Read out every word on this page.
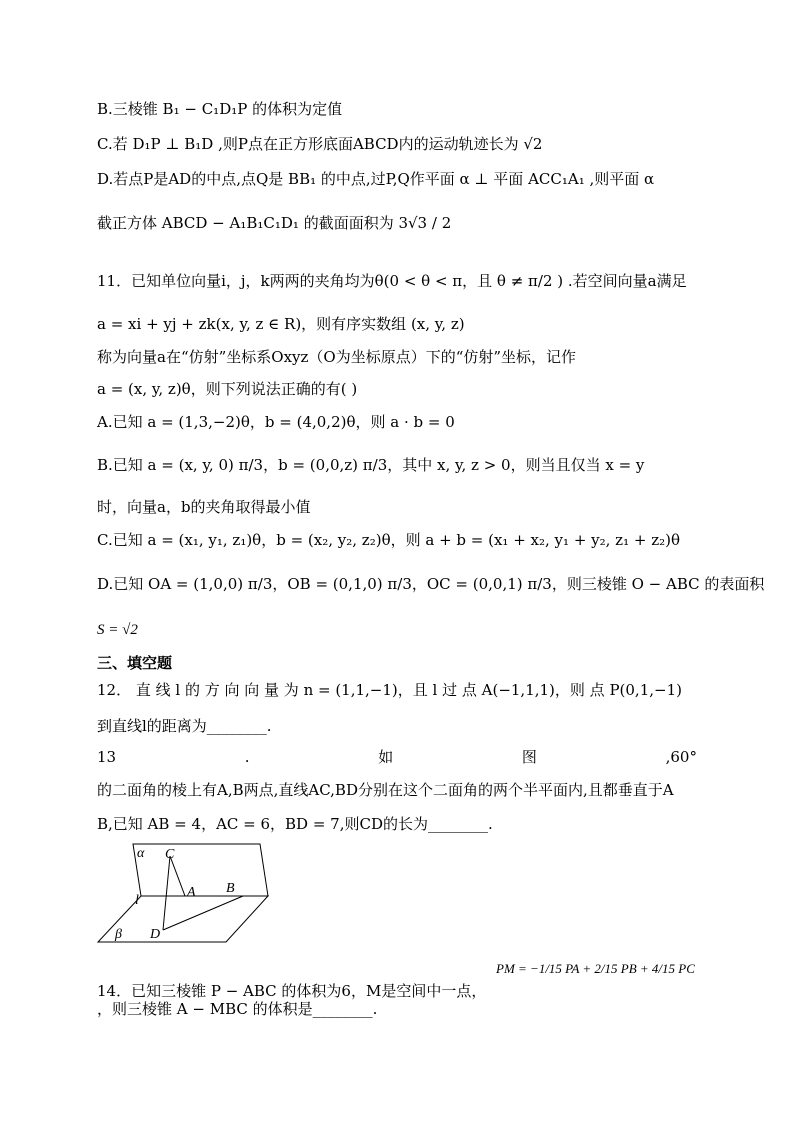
B.三棱锥 B₁ − C₁D₁P 的体积为定值
C.若 D₁P ⊥ B₁D ,则P点在正方形底面ABCD内的运动轨迹长为 √2
D.若点P是AD的中点,点Q是 BB₁ 的中点,过P,Q作平面 α ⊥ 平面 ACC₁A₁ ,则平面 α
截正方体 ABCD − A₁B₁C₁D₁ 的截面面积为 3√3 / 2
11．已知单位向量i，j，k两两的夹角均为θ(0 < θ < π，且 θ ≠ π/2 ) .若空间向量a满足
a = xi + yj + zk(x, y, z ∈ R)，则有序实数组 (x, y, z)
称为向量a在“仿射”坐标系Oxyz（O为坐标原点）下的“仿射”坐标，记作
a = (x, y, z)θ，则下列说法正确的有( )
A.已知 a = (1,3,−2)θ，b = (4,0,2)θ，则 a · b = 0
B.已知 a = (x, y, 0) π/3，b = (0,0,z) π/3，其中 x, y, z > 0，则当且仅当 x = y
时，向量a，b的夹角取得最小值
C.已知 a = (x₁, y₁, z₁)θ，b = (x₂, y₂, z₂)θ，则 a + b = (x₁ + x₂, y₁ + y₂, z₁ + z₂)θ
D.已知 OA = (1,0,0) π/3，OB = (0,1,0) π/3，OC = (0,0,1) π/3，则三棱锥 O − ABC 的表面积
S = √2
三、填空题
12． 直 线 l 的 方 向 向 量 为 n = (1,1,−1)，且 l 过 点 A(−1,1,1)，则 点 P(0,1,−1)
到直线l的距离为________.
13	.	如	图	,60°
的二面角的棱上有A,B两点,直线AC,BD分别在这个二面角的两个半平面内,且都垂直于A
B,已知 AB = 4，AC = 6，BD = 7,则CD的长为________.
α C
A B
l
β D
PM = −1/15 PA + 2/15 PB + 4/15 PC
14．已知三棱锥 P − ABC 的体积为6，M是空间中一点，
，则三棱锥 A − MBC 的体积是________.
